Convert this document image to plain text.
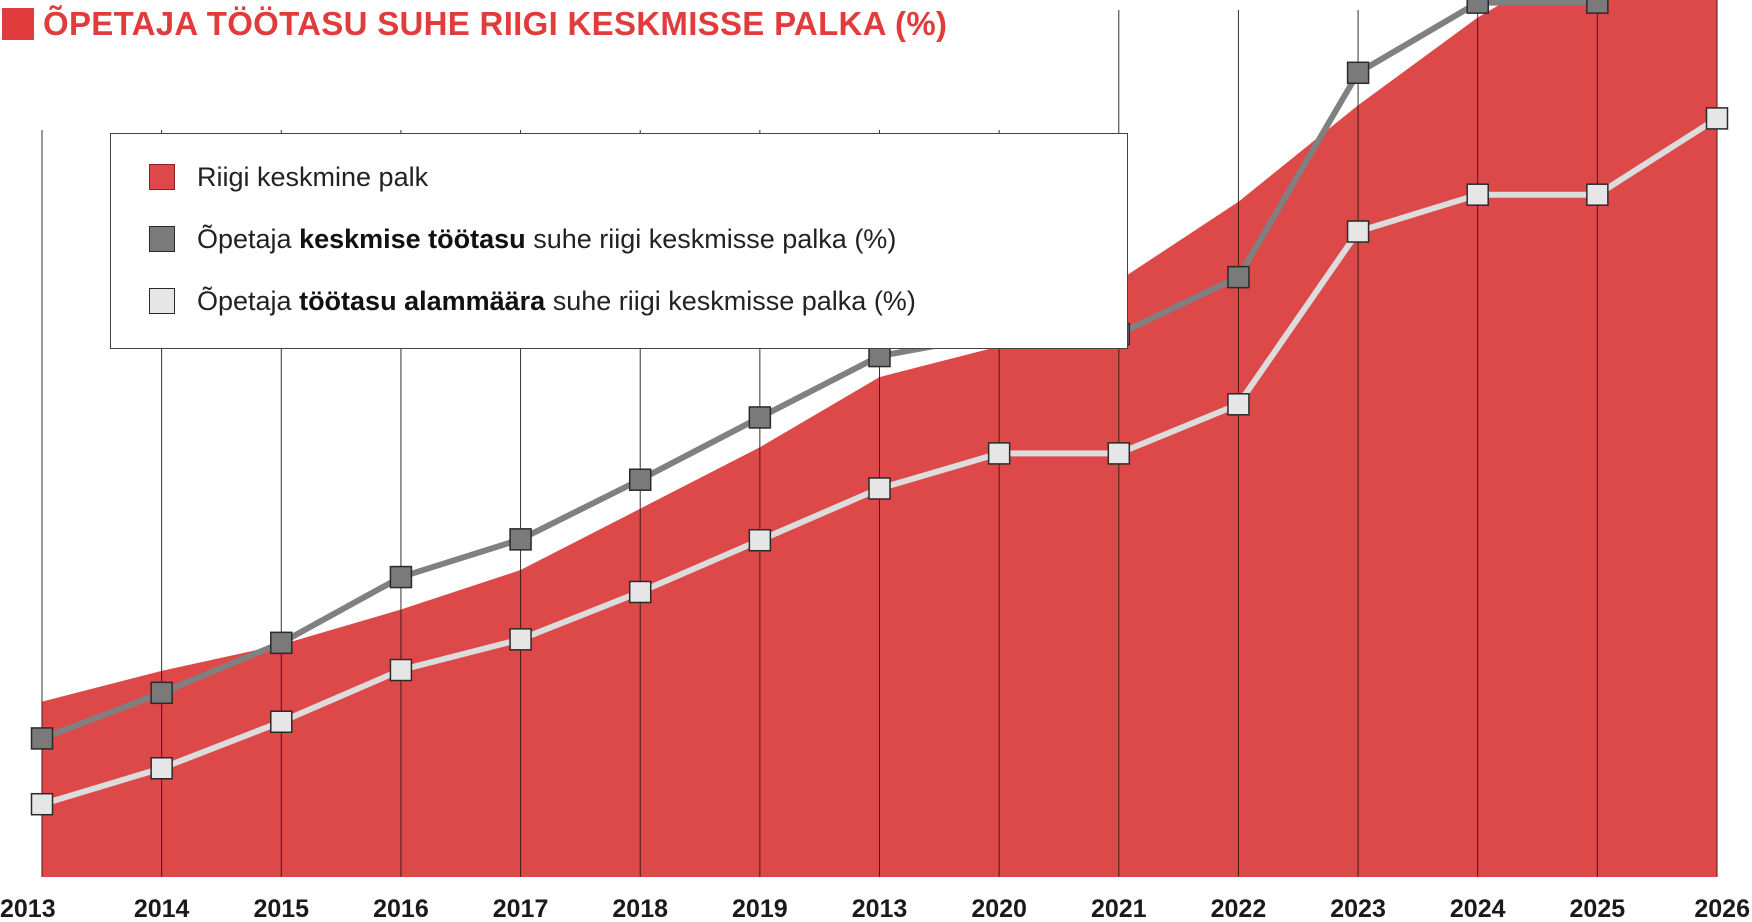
ÕPETAJA TÖÖTASU SUHE RIIGI KESKMISSE PALKA (%)
2013	2014	2015	2016	2017	2018	2019	2013	2020	2021	2022	2023	2024	2025	2026
Riigi keskmine palk
Õpetaja keskmise töötasu suhe riigi keskmisse palka (%)
Õpetaja töötasu alammäära suhe riigi keskmisse palka (%)
